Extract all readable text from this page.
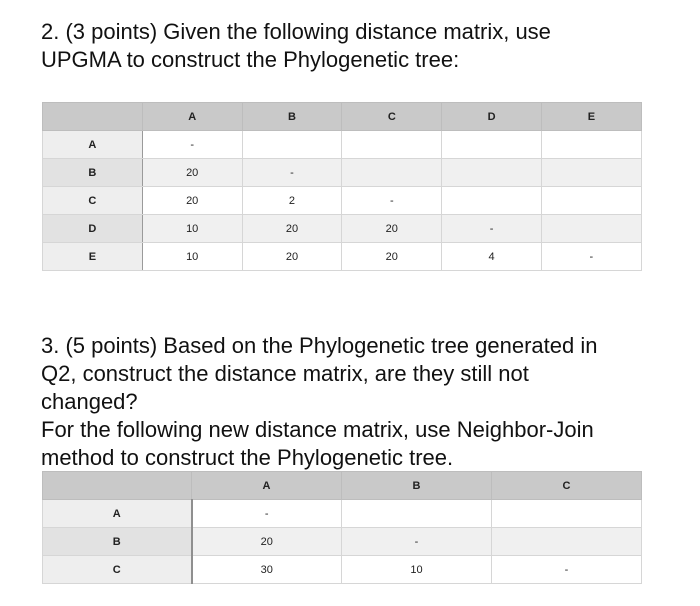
2. (3 points) Given the following distance matrix, use
UPGMA to construct the Phylogenetic tree:
	A	B	C	D	E
A	-				
B	20	-			
C	20	2	-		
D	10	20	20	-	
E	10	20	20	4	-
3. (5 points) Based on the Phylogenetic tree generated in
Q2, construct the distance matrix, are they still not
changed?
For the following new distance matrix, use Neighbor-Join
method to construct the Phylogenetic tree.
	A	B	C
A	-		
B	20	-	
C	30	10	-
